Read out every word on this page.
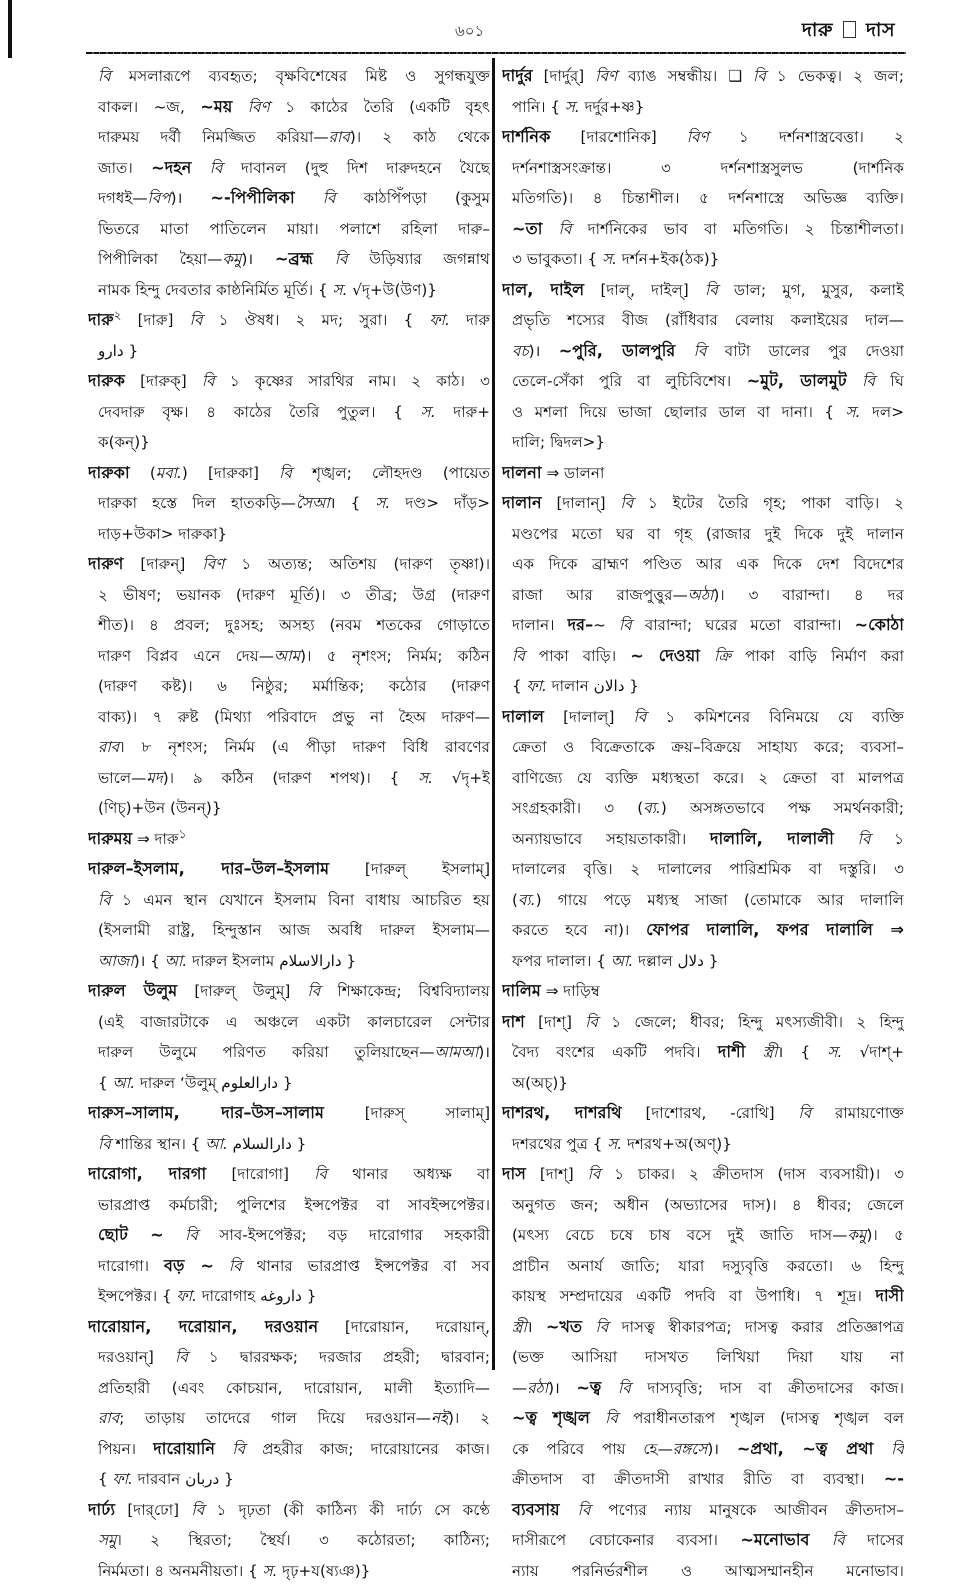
৬০১	দারু দাস
বি মসলারূপে ব্যবহৃত; বৃক্ষবিশেষের মিষ্ট ও সুগন্ধযুক্ত
বাকল। ~জ, ~ময় বিণ ১ কাঠের তৈরি (একটি বৃহৎ
দারুময় দর্বী নিমজ্জিত করিয়া—রাব)। ২ কাঠ থেকে
জাত। ~দহন বি দাবানল (দুহু দিশ দারুদহনে যৈছে
দগধই—বিপ)। ~-পিপীলিকা বি কাঠপিঁপড়া (কুসুম
ভিতরে মাতা পাতিলেন মায়া। পলাশে রহিলা দারু–
পিপীলিকা হৈয়া—কমু)। ~ব্রহ্ম বি উড়িষ্যার জগন্নাথ
নামক হিন্দু দেবতার কাষ্ঠনির্মিত মূর্তি। { স. √দৃ+উ(উণ)}
দারু$^২$ [দারু] বি ১ ঔষধ। ২ মদ; সুরা। { ফা. দারু
دارو }
দারুক [দারুক্] বি ১ কৃষ্ণের সারথির নাম। ২ কাঠ। ৩
দেবদারু বৃক্ষ। ৪ কাঠের তৈরি পুতুল। { স. দারু+
ক(কন্)}
দারুকা (মবা.) [দারুকা] বি শৃঙ্খল; লৌহদণ্ড (পায়েত
দারুকা হস্তে দিল হাতকড়ি—সৈআ। { স. দণ্ড> দাঁড়>
দাড়+উকা> দারুকা}
দারুণ [দারুন্] বিণ ১ অত্যন্ত; অতিশয় (দারুণ তৃষ্ণা)।
২ ভীষণ; ভয়ানক (দারুণ মূর্তি)। ৩ তীব্র; উগ্র (দারুণ
শীত)। ৪ প্রবল; দুঃসহ; অসহ্য (নবম শতকের গোড়াতে
দারুণ বিপ্লব এনে দেয়—আম)। ৫ নৃশংস; নির্মম; কঠিন
(দারুণ কষ্ট)। ৬ নিষ্ঠুর; মর্মান্তিক; কঠোর (দারুণ
বাক্য)। ৭ রুষ্ট (মিথ্যা পরিবাদে প্রভু না হৈঅ দারুণ—
রাব। ৮ নৃশংস; নির্মম (এ পীড়া দারুণ বিধি রাবণের
ভালে—মদ)। ৯ কঠিন (দারুণ শপথ)। { স. √দৃ+ই
(ণিচ্)+উন (উনন্)}
দারুময় ⇒ দারু$^১$
দারুল–ইসলাম, দার–উল–ইসলাম [দারুল্ ইসলাম্]
বি ১ এমন স্থান যেখানে ইসলাম বিনা বাধায় আচরিত হয়
(ইসলামী রাষ্ট্র, হিন্দুস্তান আজ অবধি দারুল ইসলাম—
আজা)। { আ. দারুল ইসলাম دارالاسلام }
দারুল উলুম [দারুল্ উলুম্] বি শিক্ষাকেন্দ্র; বিশ্ববিদ্যালয়
(এই বাজারটাকে এ অঞ্চলে একটা কালচারেল সেন্টার
দারুল উলুমে পরিণত করিয়া তুলিয়াছেন—আমআ)।
{ আ. দারুল ‘উলুম্ دارالعلوم }
দারুস–সালাম, দার–উস–সালাম [দারুস্ সালাম্]
বি শান্তির স্থান। { আ. دارالسلام }
দারোগা, দারগা [দারোগা] বি থানার অধ্যক্ষ বা
ভারপ্রাপ্ত কর্মচারী; পুলিশের ইন্সপেক্টর বা সাবইন্সপেক্টর।
ছোট ~ বি সাব-ইন্সপেক্টর; বড় দারোগার সহকারী
দারোগা। বড় ~ বি থানার ভারপ্রাপ্ত ইন্সপেক্টর বা সব
ইন্সপেক্টর। { ফা. দারোগাহ داروغه }
দারোয়ান, দরোয়ান, দরওয়ান [দারোয়ান, দরোয়ান্,
দরওয়ান্] বি ১ দ্বাররক্ষক; দরজার প্রহরী; দ্বারবান;
প্রতিহারী (এবং কোচয়ান, দারোয়ান, মালী ইত্যাদি—
রাব; তাড়ায় তাদেরে গাল দিয়ে দরওয়ান—নই)। ২
পিয়ন। দারোয়ানি বি প্রহরীর কাজ; দারোয়ানের কাজ।
{ ফা. দারবান دربان }
দার্ঢ্য [দার্‌ঢো] বি ১ দৃঢ়তা (কী কাঠিন্য কী দার্ঢ্য সে কণ্ঠে
সমু। ২ স্থিরতা; স্থৈর্য। ৩ কঠোরতা; কাঠিন্য;
নির্মমতা। ৪ অনমনীয়তা। { স. দৃঢ়+য(ষ্যঞ)}
দার্দুর [দার্দুর্] বিণ ব্যাঙ সম্বন্ধীয়। ❑ বি ১ ভেকত্ব। ২ জল;
পানি। { স. দর্দুর+ষ্ণ}
দার্শনিক [দারশোনিক] বিণ ১ দর্শনশাস্ত্রবেত্তা। ২
দর্শনশাস্ত্রসংক্রান্ত। ৩ দর্শনশাস্ত্রসুলভ (দার্শনিক
মতিগতি)। ৪ চিন্তাশীল। ৫ দর্শনশাস্ত্রে অভিজ্ঞ ব্যক্তি।
~তা বি দার্শনিকের ভাব বা মতিগতি। ২ চিন্তাশীলতা।
৩ ভাবুকতা। { স. দর্শন+ইক(ঠক)}
দাল, দাইল [দাল্, দাইল্] বি ডাল; মুগ, মুসুর, কলাই
প্রভৃতি শস্যের বীজ (রাঁধিবার বেলায় কলাইয়ের দাল—
বচ)। ~পুরি, ডালপুরি বি বাটা ডালের পুর দেওয়া
তেলে-সেঁকা পুরি বা লুচিবিশেষ। ~মুট, ডালমুট বি ঘি
ও মশলা দিয়ে ভাজা ছোলার ডাল বা দানা। { স. দল>
দালি; দ্বিদল>}
দালনা ⇒ ডালনা
দালান [দালান্] বি ১ ইটের তৈরি গৃহ; পাকা বাড়ি। ২
মণ্ডপের মতো ঘর বা গৃহ (রাজার দুই দিকে দুই দালান
এক দিকে ব্রাহ্মণ পণ্ডিত আর এক দিকে দেশ বিদেশের
রাজা আর রাজপুত্তুর—অঠা)। ৩ বারান্দা। ৪ দর
দালান। দর–~ বি বারান্দা; ঘরের মতো বারান্দা। ~কোঠা
বি পাকা বাড়ি। ~ দেওয়া ক্রি পাকা বাড়ি নির্মাণ করা
{ ফা. দালান دالان }
দালাল [দালাল্] বি ১ কমিশনের বিনিময়ে যে ব্যক্তি
ক্রেতা ও বিক্রেতাকে ক্রয়–বিক্রয়ে সাহায্য করে; ব্যবসা–
বাণিজ্যে যে ব্যক্তি মধ্যস্থতা করে। ২ ক্রেতা বা মালপত্র
সংগ্রহকারী। ৩ (ব্য.) অসঙ্গতভাবে পক্ষ সমর্থনকারী;
অন্যায়ভাবে সহায়তাকারী। দালালি, দালালী বি ১
দালালের বৃত্তি। ২ দালালের পারিশ্রমিক বা দস্তুরি। ৩
(ব্য.) গায়ে পড়ে মধ্যস্থ সাজা (তোমাকে আর দালালি
করতে হবে না)। ফোপর দালালি, ফপর দালালি ⇒
ফপর দালাল। { আ. দল্লাল دلال }
দালিম ⇒ দাড়িম্ব
দাশ [দাশ্] বি ১ জেলে; ধীবর; হিন্দু মৎস্যজীবী। ২ হিন্দু
বৈদ্য বংশের একটি পদবি। দাশী স্ত্রী। { স. √দাশ্+
অ(অচ্)}
দাশরথ, দাশরথি [দাশোরথ, -রোথি] বি রামায়ণোক্ত
দশরথের পুত্র { স. দশরথ+অ(অণ্)}
দাস [দাশ্] বি ১ চাকর। ২ ক্রীতদাস (দাস ব্যবসায়ী)। ৩
অনুগত জন; অধীন (অভ্যাসের দাস)। ৪ ধীবর; জেলে
(মৎস্য বেচে চষে চাষ বসে দুই জাতি দাস—কমু)। ৫
প্রাচীন অনার্য জাতি; যারা দস্যুবৃত্তি করতো। ৬ হিন্দু
কায়স্থ সম্প্রদায়ের একটি পদবি বা উপাধি। ৭ শূদ্র। দাসী
স্ত্রী। ~খত বি দাসত্ব স্বীকারপত্র; দাসত্ব করার প্রতিজ্ঞাপত্র
(ভক্ত আসিয়া দাসখত লিখিয়া দিয়া যায় না
—রঠা)। ~ত্ব বি দাস্যবৃত্তি; দাস বা ক্রীতদাসের কাজ।
~ত্ব শৃঙ্খল বি পরাধীনতারূপ শৃঙ্খল (দাসত্ব শৃঙ্খল বল
কে পরিবে পায় হে—রঙ্গসে)। ~প্রথা, ~ত্ব প্রথা বি
ক্রীতদাস বা ক্রীতদাসী রাখার রীতি বা ব্যবস্থা। ~-
ব্যবসায় বি পণ্যের ন্যায় মানুষকে আজীবন ক্রীতদাস–
দাসীরূপে বেচাকেনার ব্যবসা। ~মনোভাব বি দাসের
ন্যায় পরনির্ভরশীল ও আত্মসম্মানহীন মনোভাব।
